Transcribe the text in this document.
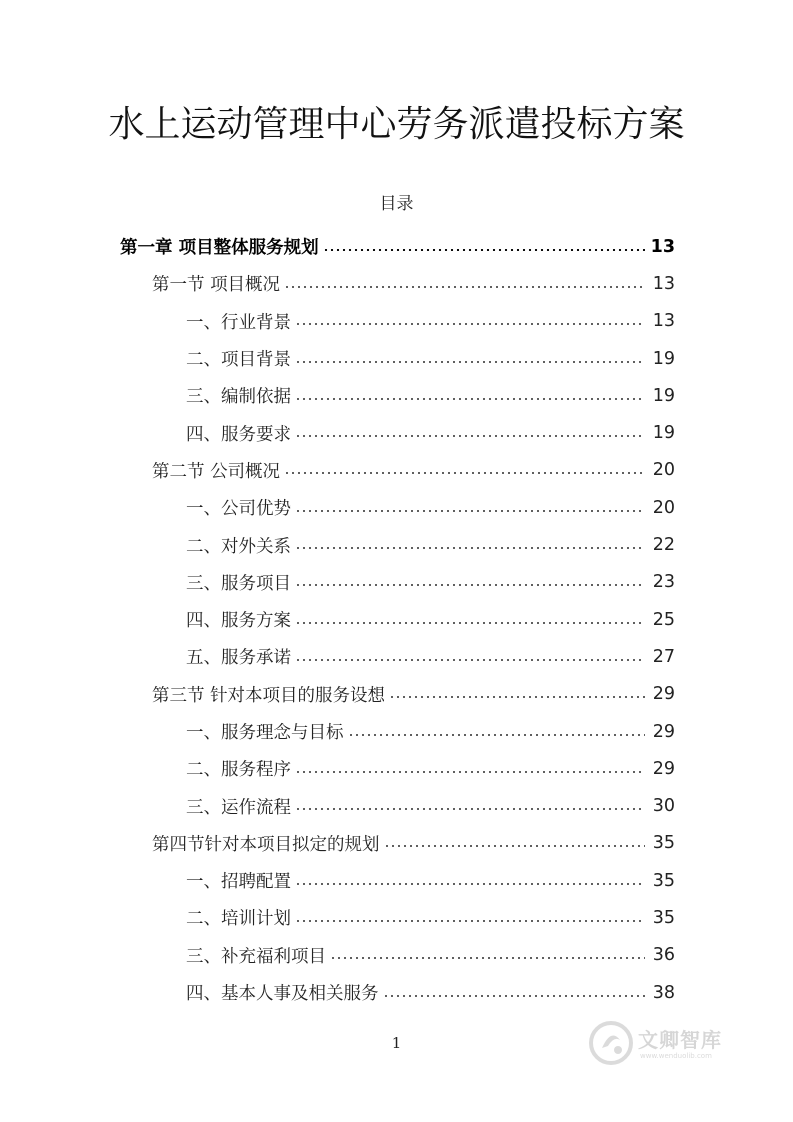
水上运动管理中心劳务派遣投标方案
目录
第一章 项目整体服务规划	13
第一节 项目概况	13
一、行业背景	13
二、项目背景	19
三、编制依据	19
四、服务要求	19
第二节 公司概况	20
一、公司优势	20
二、对外关系	22
三、服务项目	23
四、服务方案	25
五、服务承诺	27
第三节 针对本项目的服务设想	29
一、服务理念与目标	29
二、服务程序	29
三、运作流程	30
第四节针对本项目拟定的规划	35
一、招聘配置	35
二、培训计划	35
三、补充福利项目	36
四、基本人事及相关服务	38
1	文卿智库
www.wenduolib.com
